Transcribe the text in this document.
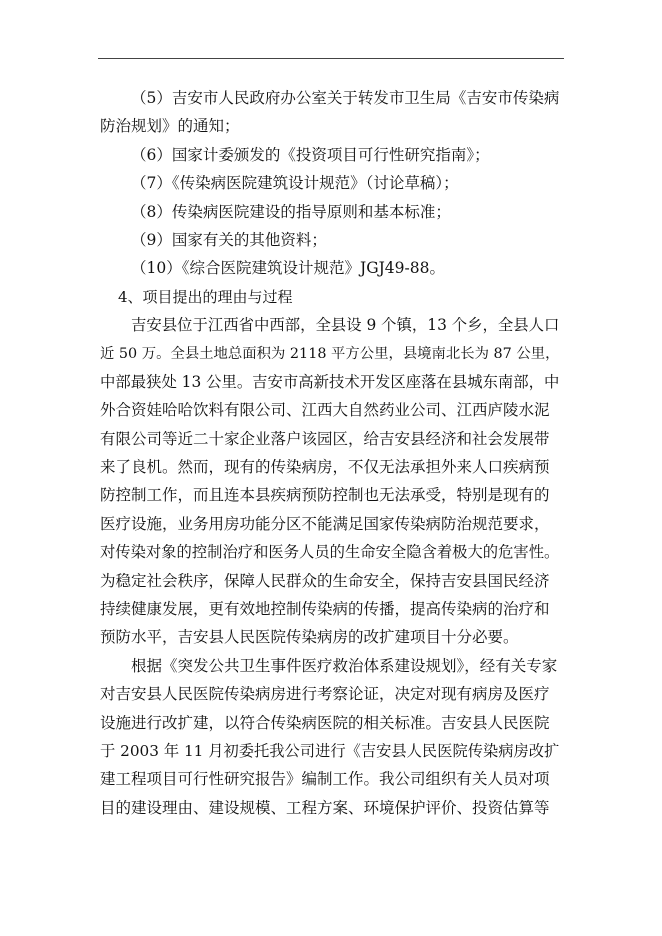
（5）吉安市人民政府办公室关于转发市卫生局《吉安市传染病
防治规划》的通知；
（6）国家计委颁发的《投资项目可行性研究指南》；
（7）《传染病医院建筑设计规范》（讨论草稿）；
（8）传染病医院建设的指导原则和基本标准；
（9）国家有关的其他资料；
（10）《综合医院建筑设计规范》JGJ49-88。
4、项目提出的理由与过程
吉安县位于江西省中西部，全县设 9 个镇，13 个乡，全县人口
近 50 万。全县土地总面积为 2118 平方公里，县境南北长为 87 公里，
中部最狭处 13 公里。吉安市高新技术开发区座落在县城东南部，中
外合资娃哈哈饮料有限公司、江西大自然药业公司、江西庐陵水泥
有限公司等近二十家企业落户该园区，给吉安县经济和社会发展带
来了良机。然而，现有的传染病房，不仅无法承担外来人口疾病预
防控制工作，而且连本县疾病预防控制也无法承受，特别是现有的
医疗设施，业务用房功能分区不能满足国家传染病防治规范要求，
对传染对象的控制治疗和医务人员的生命安全隐含着极大的危害性。
为稳定社会秩序，保障人民群众的生命安全，保持吉安县国民经济
持续健康发展，更有效地控制传染病的传播，提高传染病的治疗和
预防水平，吉安县人民医院传染病房的改扩建项目十分必要。
根据《突发公共卫生事件医疗救治体系建设规划》，经有关专家
对吉安县人民医院传染病房进行考察论证，决定对现有病房及医疗
设施进行改扩建，以符合传染病医院的相关标准。吉安县人民医院
于 2003 年 11 月初委托我公司进行《吉安县人民医院传染病房改扩
建工程项目可行性研究报告》编制工作。我公司组织有关人员对项
目的建设理由、建设规模、工程方案、环境保护评价、投资估算等
